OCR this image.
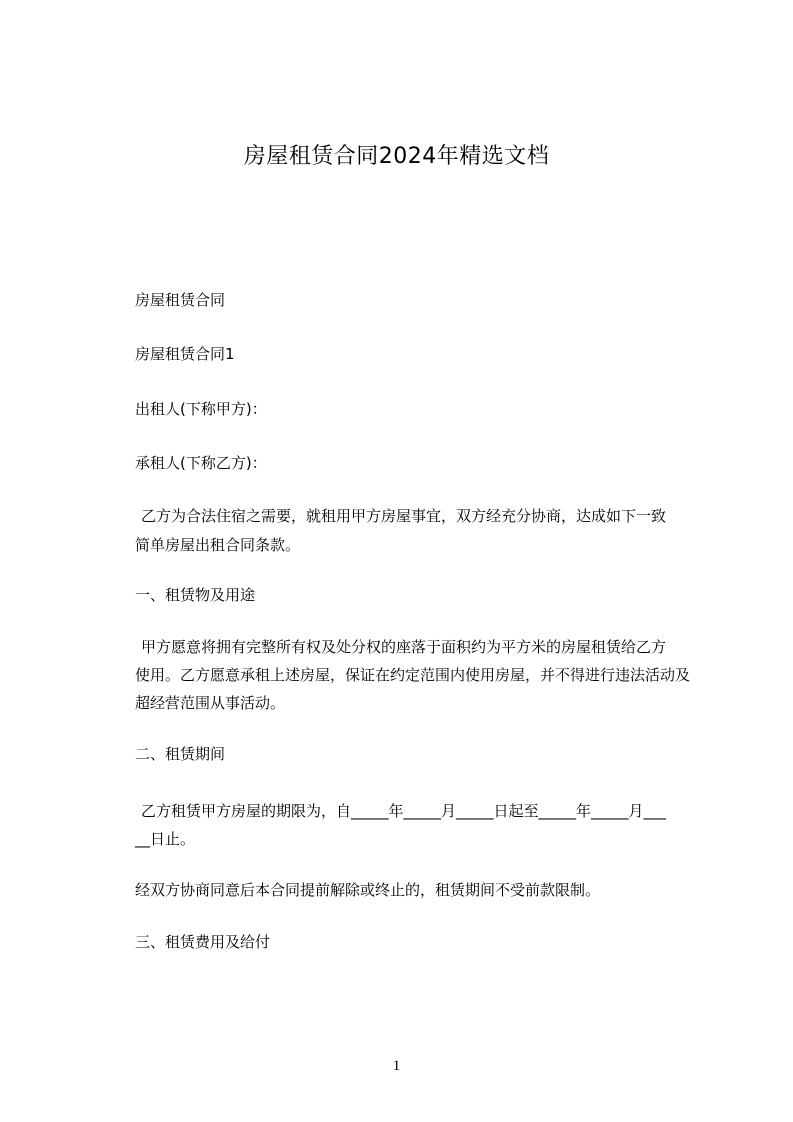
房屋租赁合同2024年精选文档
房屋租赁合同
房屋租赁合同1
出租人(下称甲方)：
承租人(下称乙方)：
乙方为合法住宿之需要，就租用甲方房屋事宜，双方经充分协商，达成如下一致
简单房屋出租合同条款。
一、租赁物及用途
甲方愿意将拥有完整所有权及处分权的座落于面积约为平方米的房屋租赁给乙方
使用。乙方愿意承租上述房屋，保证在约定范围内使用房屋，并不得进行违法活动及
超经营范围从事活动。
二、租赁期间
乙方租赁甲方房屋的期限为，自_____年_____月_____日起至_____年_____月___
__日止。
经双方协商同意后本合同提前解除或终止的，租赁期间不受前款限制。
三、租赁费用及给付
1
